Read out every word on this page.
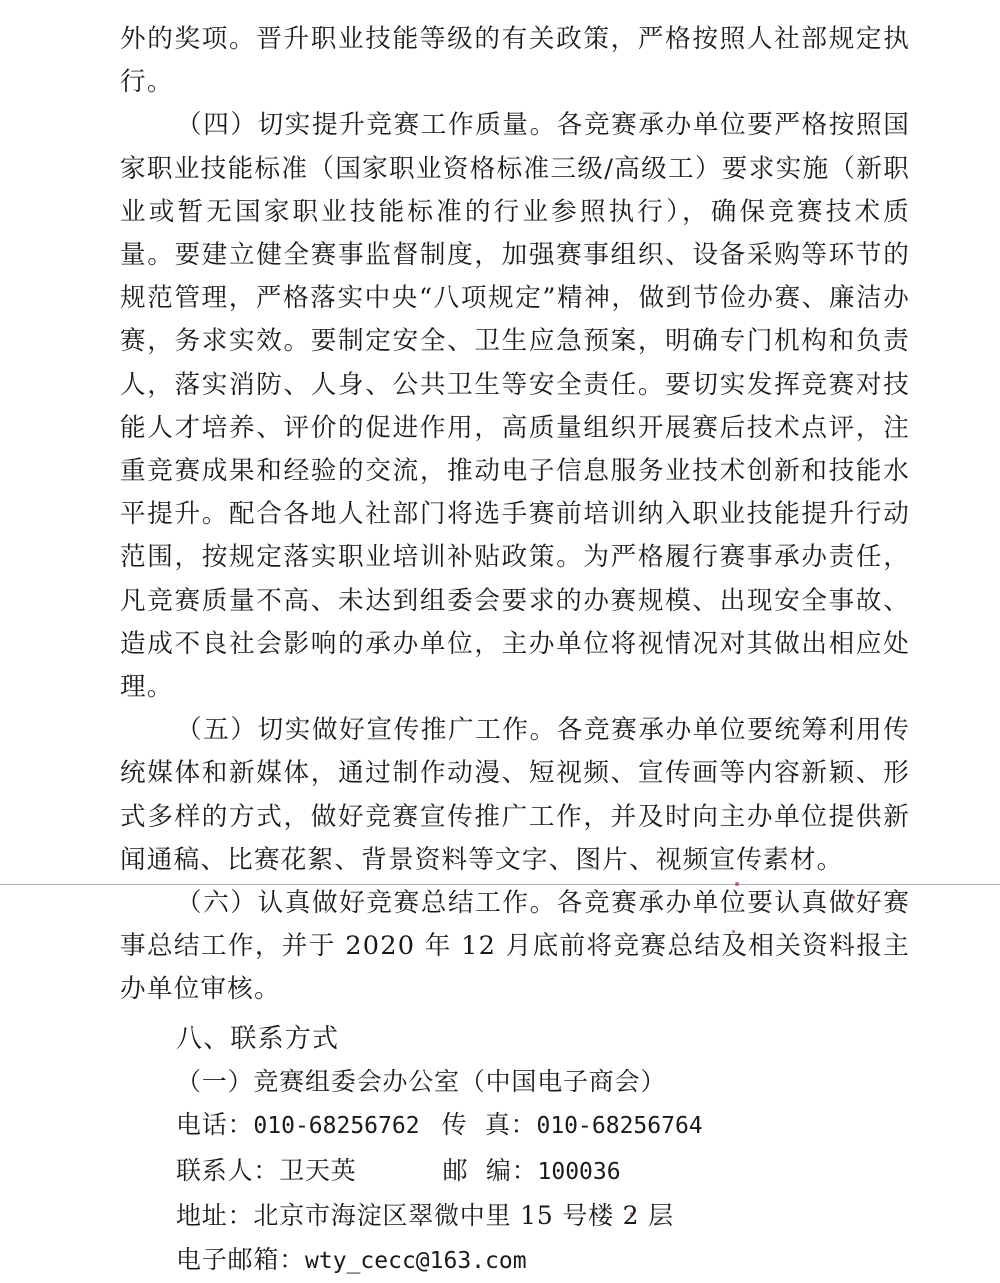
外的奖项。晋升职业技能等级的有关政策，严格按照人社部规定执行。

（四）切实提升竞赛工作质量。各竞赛承办单位要严格按照国家职业技能标准（国家职业资格标准三级/高级工）要求实施（新职业或暂无国家职业技能标准的行业参照执行），确保竞赛技术质量。要建立健全赛事监督制度，加强赛事组织、设备采购等环节的规范管理，严格落实中央“八项规定”精神，做到节俭办赛、廉洁办赛，务求实效。要制定安全、卫生应急预案，明确专门机构和负责人，落实消防、人身、公共卫生等安全责任。要切实发挥竞赛对技能人才培养、评价的促进作用，高质量组织开展赛后技术点评，注重竞赛成果和经验的交流，推动电子信息服务业技术创新和技能水平提升。配合各地人社部门将选手赛前培训纳入职业技能提升行动范围，按规定落实职业培训补贴政策。为严格履行赛事承办责任，凡竞赛质量不高、未达到组委会要求的办赛规模、出现安全事故、造成不良社会影响的承办单位，主办单位将视情况对其做出相应处理。

（五）切实做好宣传推广工作。各竞赛承办单位要统筹利用传统媒体和新媒体，通过制作动漫、短视频、宣传画等内容新颖、形式多样的方式，做好竞赛宣传推广工作，并及时向主办单位提供新闻通稿、比赛花絮、背景资料等文字、图片、视频宣传素材。

（六）认真做好竞赛总结工作。各竞赛承办单位要认真做好赛事总结工作，并于 2020 年 12 月底前将竞赛总结及相关资料报主办单位审核。

八、联系方式

（一）竞赛组委会办公室（中国电子商会）

电话：010-68256762 传  真：010-68256764

联系人：卫天英	邮  编：100036

地址：北京市海淀区翠微中里 15 号楼 2 层

电子邮箱：wty_cecc@163.com
